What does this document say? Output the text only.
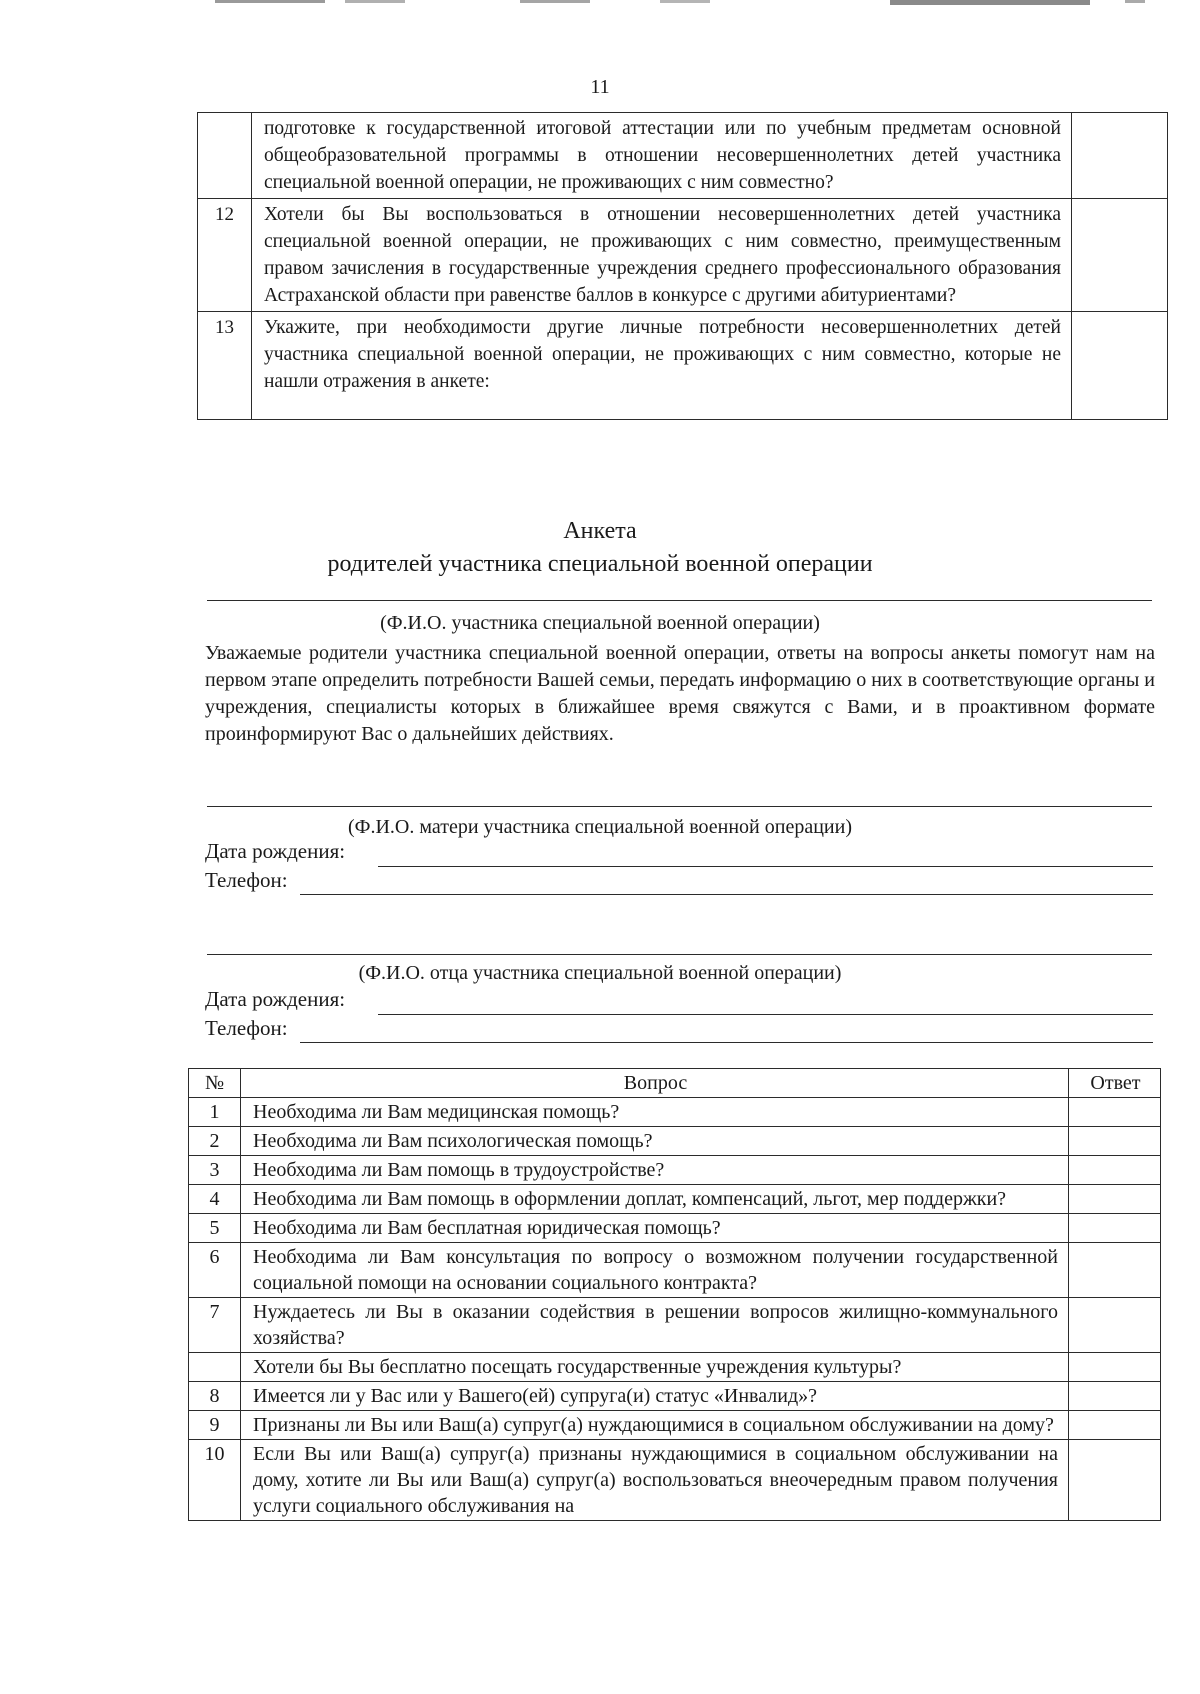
11
	подготовке к государственной итоговой аттестации или по учебным предметам основной общеобразовательной программы в отношении несовершеннолетних детей участника специальной военной операции, не проживающих с ним совместно?	
12	Хотели бы Вы воспользоваться в отношении несовершеннолетних детей участника специальной военной операции, не проживающих с ним совместно, преимущественным правом зачисления в государственные учреждения среднего профессионального образования Астраханской области при равенстве баллов в конкурсе с другими абитуриентами?	
13	Укажите, при необходимости другие личные потребности несовершеннолетних детей участника специальной военной операции, не проживающих с ним совместно, которые не нашли отражения в анкете:	
Анкета
родителей участника специальной военной операции
(Ф.И.О. участника специальной военной операции)
Уважаемые родители участника специальной военной операции, ответы на вопросы анкеты помогут нам на первом этапе определить потребности Вашей семьи, передать информацию о них в соответствующие органы и учреждения, специалисты которых в ближайшее время свяжутся с Вами, и в проактивном формате проинформируют Вас о дальнейших действиях.
(Ф.И.О. матери участника специальной военной операции)
Дата рождения:
Телефон:
(Ф.И.О. отца участника специальной военной операции)
Дата рождения:
Телефон:
№	Вопрос	Ответ
1	Необходима ли Вам медицинская помощь?	
2	Необходима ли Вам психологическая помощь?	
3	Необходима ли Вам помощь в трудоустройстве?	
4	Необходима ли Вам помощь в оформлении доплат, компенсаций, льгот, мер поддержки?	
5	Необходима ли Вам бесплатная юридическая помощь?	
6	Необходима ли Вам консультация по вопросу о возможном получении государственной социальной помощи на основании социального контракта?	
7	Нуждаетесь ли Вы в оказании содействия в решении вопросов жилищно-коммунального хозяйства?	
	Хотели бы Вы бесплатно посещать государственные учреждения культуры?	
8	Имеется ли у Вас или у Вашего(ей) супруга(и) статус «Инвалид»?	
9	Признаны ли Вы или Ваш(а) супруг(а) нуждающимися в социальном обслуживании на дому?	
10	Если Вы или Ваш(а) супруг(а) признаны нуждающимися в социальном обслуживании на дому, хотите ли Вы или Ваш(а) супруг(а) воспользоваться внеочередным правом получения услуги социального обслуживания на	
